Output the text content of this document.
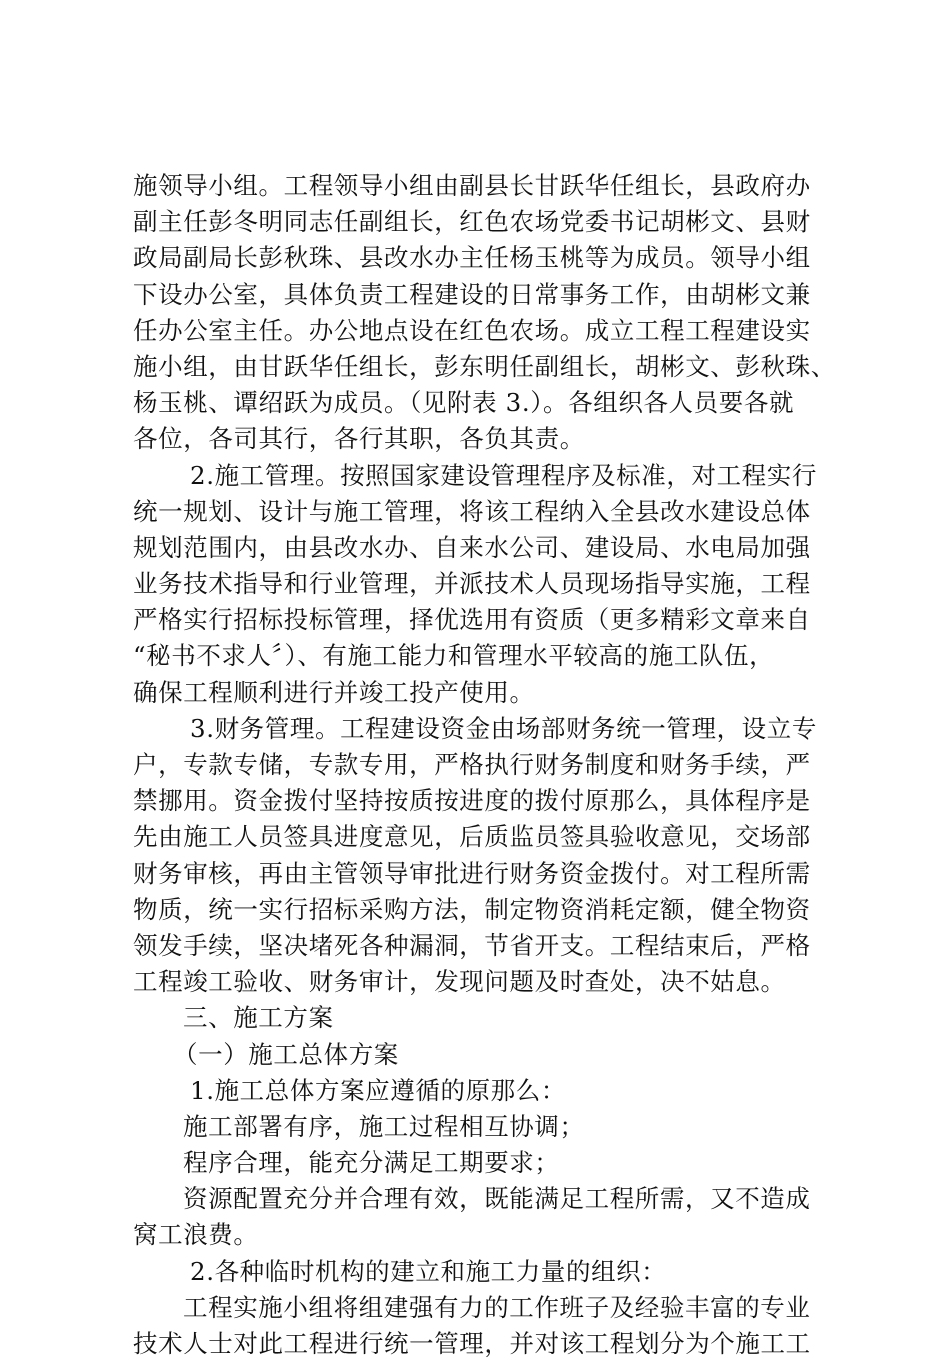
施领导小组。工程领导小组由副县长甘跃华任组长，县政府办
副主任彭冬明同志任副组长，红色农场党委书记胡彬文、县财
政局副局长彭秋珠、县改水办主任杨玉桃等为成员。领导小组
下设办公室，具体负责工程建设的日常事务工作，由胡彬文兼
任办公室主任。办公地点设在红色农场。成立工程工程建设实
施小组，由甘跃华任组长，彭东明任副组长，胡彬文、彭秋珠、
杨玉桃、谭绍跃为成员。（见附表 3.）。各组织各人员要各就
各位，各司其行，各行其职，各负其责。
2.施工管理。按照国家建设管理程序及标准，对工程实行
统一规划、设计与施工管理，将该工程纳入全县改水建设总体
规划范围内，由县改水办、自来水公司、建设局、水电局加强
业务技术指导和行业管理，并派技术人员现场指导实施，工程
严格实行招标投标管理，择优选用有资质（更多精彩文章来自
“秘书不求人〞）、有施工能力和管理水平较高的施工队伍，
确保工程顺利进行并竣工投产使用。
3.财务管理。工程建设资金由场部财务统一管理，设立专
户，专款专储，专款专用，严格执行财务制度和财务手续，严
禁挪用。资金拨付坚持按质按进度的拨付原那么，具体程序是
先由施工人员签具进度意见，后质监员签具验收意见，交场部
财务审核，再由主管领导审批进行财务资金拨付。对工程所需
物质，统一实行招标采购方法，制定物资消耗定额，健全物资
领发手续，坚决堵死各种漏洞，节省开支。工程结束后，严格
工程竣工验收、财务审计，发现问题及时查处，决不姑息。
三、施工方案
（一）施工总体方案
1.施工总体方案应遵循的原那么：
施工部署有序，施工过程相互协调；
程序合理，能充分满足工期要求；
资源配置充分并合理有效，既能满足工程所需，又不造成
窝工浪费。
2.各种临时机构的建立和施工力量的组织：
工程实施小组将组建强有力的工作班子及经验丰富的专业
技术人士对此工程进行统一管理，并对该工程划分为个施工工
